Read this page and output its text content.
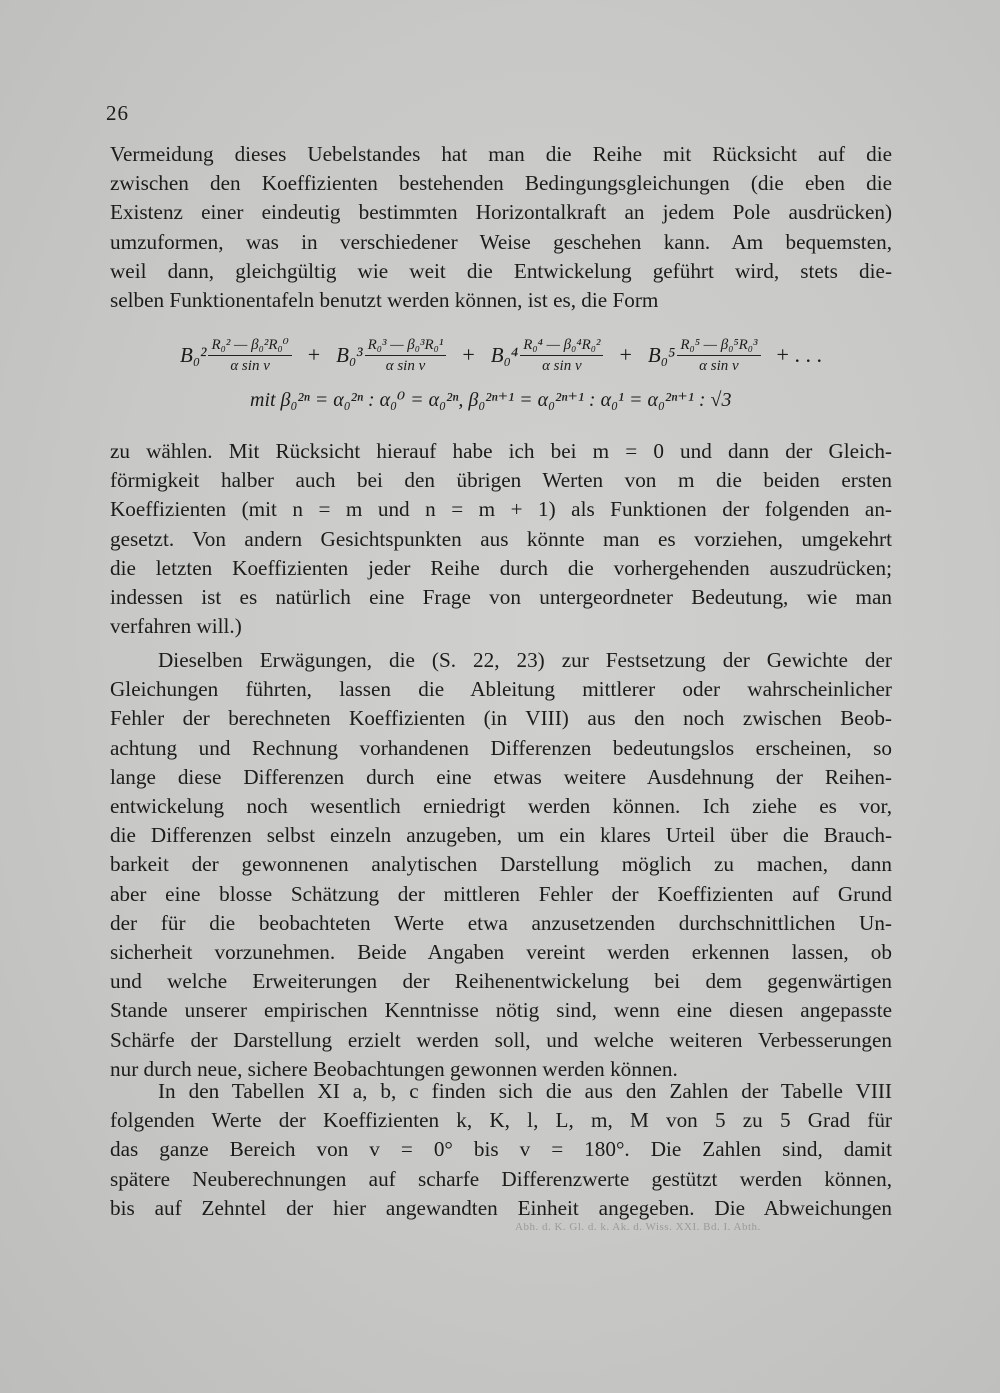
26
Vermeidung dieses Uebelstandes hat man die Reihe mit Rücksicht auf die
zwischen den Koeffizienten bestehenden Bedingungsgleichungen (die eben die
Existenz einer eindeutig bestimmten Horizontalkraft an jedem Pole ausdrücken)
umzuformen, was in verschiedener Weise geschehen kann. Am bequemsten,
weil dann, gleichgültig wie weit die Entwickelung geführt wird, stets die-
selben Funktionentafeln benutzt werden können, ist es, die Form
$B_0^2 \frac{\text{R₀² — β₀²R₀⁰}}{\text{α sin v}} + B_0^3 \frac{\text{R₀³ — β₀³R₀¹}}{\text{α sin v}} + B_0^4 \frac{\text{R₀⁴ — β₀⁴R₀²}}{\text{α sin v}} + B_0^5 \frac{\text{R₀⁵ — β₀⁵R₀³}}{\text{α sin v}}$ + . . .
mit β₀²ⁿ = α₀²ⁿ : α₀⁰ = α₀²ⁿ, β₀²ⁿ⁺¹ = α₀²ⁿ⁺¹ : α₀¹ = α₀²ⁿ⁺¹ : √3
zu wählen. Mit Rücksicht hierauf habe ich bei m = 0 und dann der Gleich-
förmigkeit halber auch bei den übrigen Werten von m die beiden ersten
Koeffizienten (mit n = m und n = m + 1) als Funktionen der folgenden an-
gesetzt. Von andern Gesichtspunkten aus könnte man es vorziehen, umgekehrt
die letzten Koeffizienten jeder Reihe durch die vorhergehenden auszudrücken;
indessen ist es natürlich eine Frage von untergeordneter Bedeutung, wie man
verfahren will.)
Dieselben Erwägungen, die (S. 22, 23) zur Festsetzung der Gewichte der
Gleichungen führten, lassen die Ableitung mittlerer oder wahrscheinlicher
Fehler der berechneten Koeffizienten (in VIII) aus den noch zwischen Beob-
achtung und Rechnung vorhandenen Differenzen bedeutungslos erscheinen, so
lange diese Differenzen durch eine etwas weitere Ausdehnung der Reihen-
entwickelung noch wesentlich erniedrigt werden können. Ich ziehe es vor,
die Differenzen selbst einzeln anzugeben, um ein klares Urteil über die Brauch-
barkeit der gewonnenen analytischen Darstellung möglich zu machen, dann
aber eine blosse Schätzung der mittleren Fehler der Koeffizienten auf Grund
der für die beobachteten Werte etwa anzusetzenden durchschnittlichen Un-
sicherheit vorzunehmen. Beide Angaben vereint werden erkennen lassen, ob
und welche Erweiterungen der Reihenentwickelung bei dem gegenwärtigen
Stande unserer empirischen Kenntnisse nötig sind, wenn eine diesen angepasste
Schärfe der Darstellung erzielt werden soll, und welche weiteren Verbesserungen
nur durch neue, sichere Beobachtungen gewonnen werden können.
In den Tabellen XI a, b, c finden sich die aus den Zahlen der Tabelle VIII
folgenden Werte der Koeffizienten k, K, l, L, m, M von 5 zu 5 Grad für
das ganze Bereich von v = 0° bis v = 180°. Die Zahlen sind, damit
spätere Neuberechnungen auf scharfe Differenzwerte gestützt werden können,
bis auf Zehntel der hier angewandten Einheit angegeben. Die Abweichungen
Abh. d. K. Gl. d. k. Ak. d. Wiss. XXI. Bd. I. Abth.
